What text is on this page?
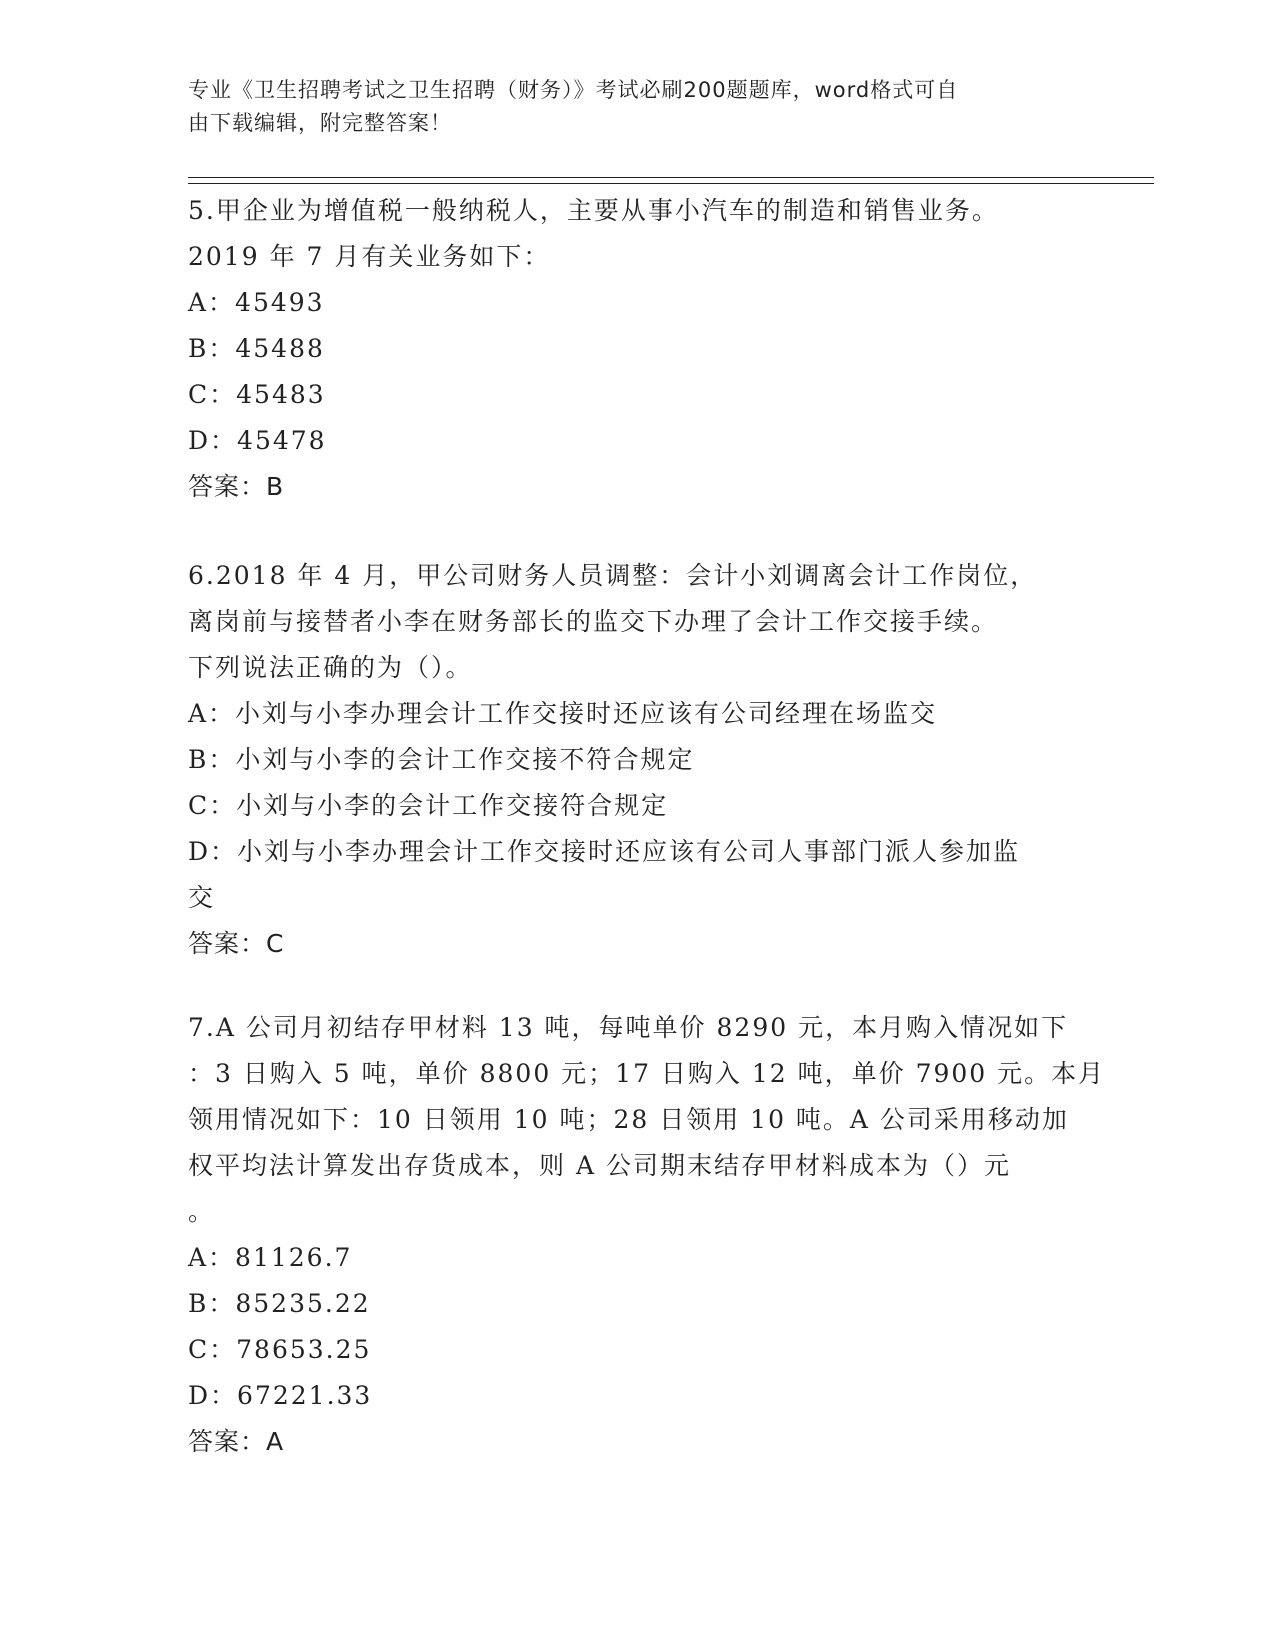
专业《卫生招聘考试之卫生招聘（财务）》考试必刷200题题库，word格式可自
由下载编辑，附完整答案！
5.甲企业为增值税一般纳税人，主要从事小汽车的制造和销售业务。
2019 年 7 月有关业务如下：
A：45493
B：45488
C：45483
D：45478
答案：B
6.2018 年 4 月，甲公司财务人员调整：会计小刘调离会计工作岗位，
离岗前与接替者小李在财务部长的监交下办理了会计工作交接手续。
下列说法正确的为（）。
A：小刘与小李办理会计工作交接时还应该有公司经理在场监交
B：小刘与小李的会计工作交接不符合规定
C：小刘与小李的会计工作交接符合规定
D：小刘与小李办理会计工作交接时还应该有公司人事部门派人参加监
交
答案：C
7.A 公司月初结存甲材料 13 吨，每吨单价 8290 元，本月购入情况如下
：3 日购入 5 吨，单价 8800 元；17 日购入 12 吨，单价 7900 元。本月
领用情况如下：10 日领用 10 吨；28 日领用 10 吨。A 公司采用移动加
权平均法计算发出存货成本，则 A 公司期末结存甲材料成本为（）元
。
A：81126.7
B：85235.22
C：78653.25
D：67221.33
答案：A
